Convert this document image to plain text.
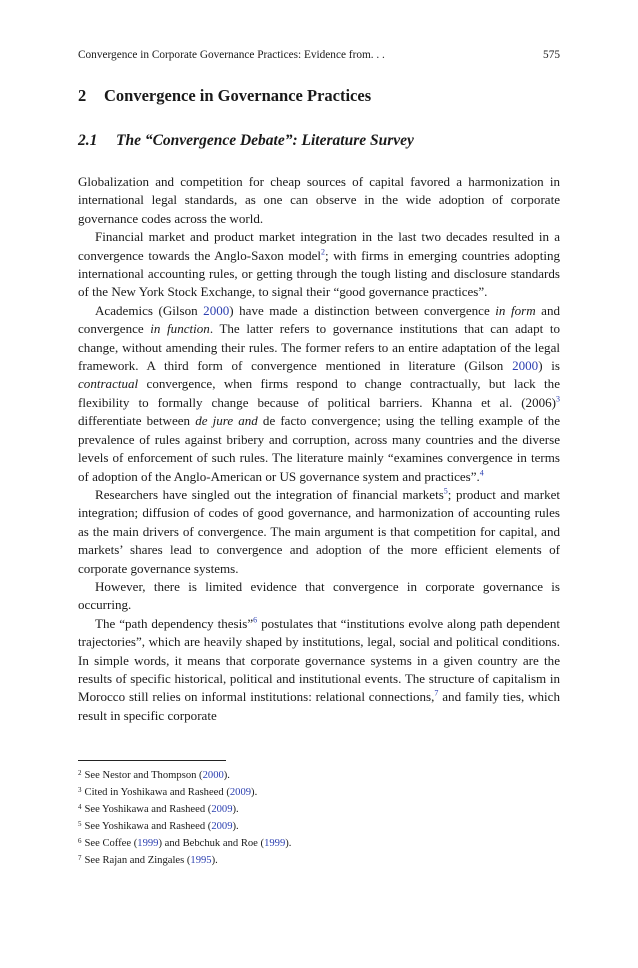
Convergence in Corporate Governance Practices: Evidence from. . .	575
2 Convergence in Governance Practices
2.1 The “Convergence Debate”: Literature Survey

Globalization and competition for cheap sources of capital favored a harmonization in international legal standards, as one can observe in the wide adoption of corporate governance codes across the world.

Financial market and product market integration in the last two decades resulted in a convergence towards the Anglo-Saxon model$^2$; with firms in emerging countries adopting international accounting rules, or getting through the tough listing and disclosure standards of the New York Stock Exchange, to signal their “good governance practices”.

Academics (Gilson 2000) have made a distinction between convergence in form and convergence in function. The latter refers to governance institutions that can adapt to change, without amending their rules. The former refers to an entire adaptation of the legal framework. A third form of convergence mentioned in literature (Gilson 2000) is contractual convergence, when firms respond to change contractually, but lack the flexibility to formally change because of political barriers. Khanna et al. $(2006)^3$ differentiate between de jure and de facto convergence; using the telling example of the prevalence of rules against bribery and corruption, across many countries and the diverse levels of enforcement of such rules. The literature mainly “examines convergence in terms of adoption of the Anglo-American or US governance system and practices”.$^4$

Researchers have singled out the integration of financial markets$^5$; product and market integration; diffusion of codes of good governance, and harmonization of accounting rules as the main drivers of convergence. The main argument is that competition for capital, and markets’ shares lead to convergence and adoption of the more efficient elements of corporate governance systems.

However, there is limited evidence that convergence in corporate governance is occurring.

The “path dependency thesis”$^6$ postulates that “institutions evolve along path dependent trajectories”, which are heavily shaped by institutions, legal, social and political conditions. In simple words, it means that corporate governance systems in a given country are the results of specific historical, political and institutional events. The structure of capitalism in Morocco still relies on informal institutions: relational connections,$^7$ and family ties, which result in specific corporate

$^2$ See Nestor and Thompson (2000).
$^3$ Cited in Yoshikawa and Rasheed (2009).
$^4$ See Yoshikawa and Rasheed (2009).
$^5$ See Yoshikawa and Rasheed (2009).
$^6$ See Coffee (1999) and Bebchuk and Roe (1999).
$^7$ See Rajan and Zingales (1995).
